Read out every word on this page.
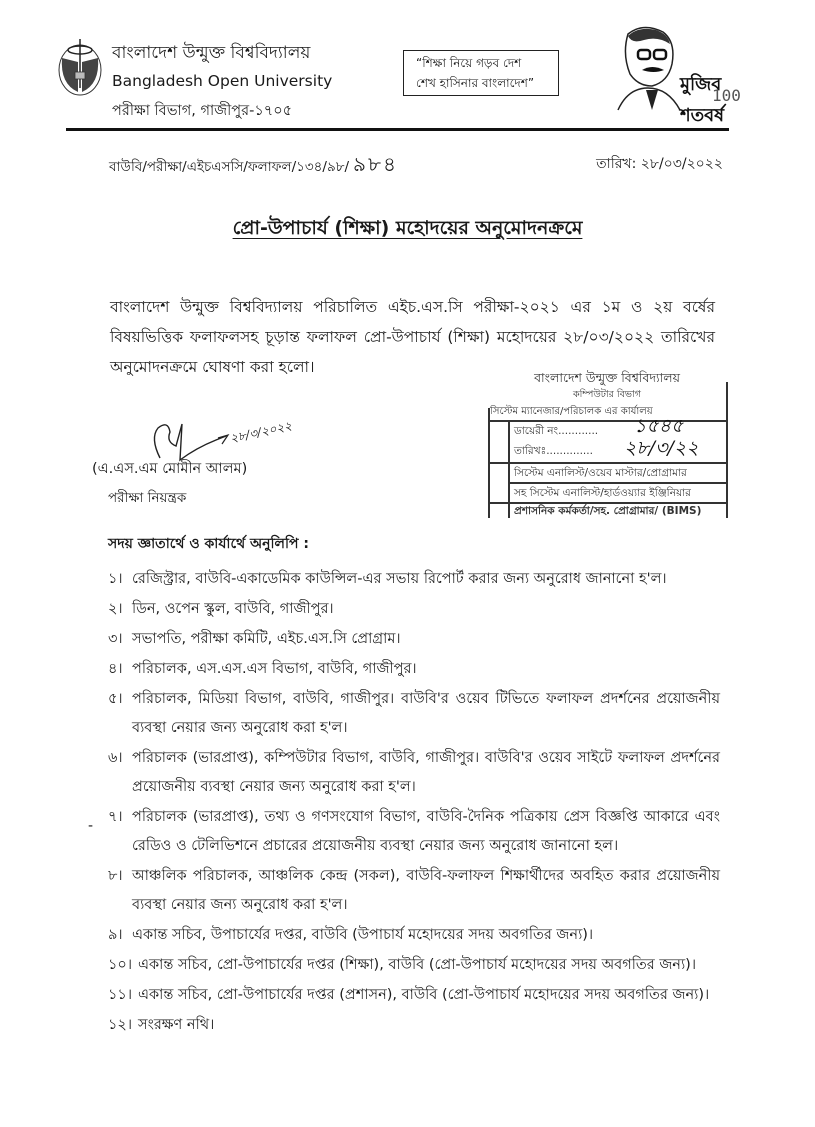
বাংলাদেশ উন্মুক্ত বিশ্ববিদ্যালয়
Bangladesh Open University
পরীক্ষা বিভাগ, গাজীপুর-১৭০৫
“শিক্ষা নিয়ে গড়ব দেশ
শেখ হাসিনার বাংলাদেশ”	মুজিব শতবর্ষ
100
বাউবি/পরীক্ষা/এইচএসসি/ফলাফল/১৩৪/৯৮/ ৯৮৪	তারিখ: ২৮/০৩/২০২২
প্রো-উপাচার্য (শিক্ষা) মহোদয়ের অনুমোদনক্রমে
বাংলাদেশ উন্মুক্ত বিশ্ববিদ্যালয় পরিচালিত এইচ.এস.সি পরীক্ষা-২০২১ এর ১ম ও ২য় বর্ষের বিষয়ভিত্তিক ফলাফলসহ চূড়ান্ত ফলাফল প্রো-উপাচার্য (শিক্ষা) মহোদয়ের ২৮/০৩/২০২২ তারিখের অনুমোদনক্রমে ঘোষণা করা হলো।
বাংলাদেশ উন্মুক্ত বিশ্ববিদ্যালয়
কম্পিউটার বিভাগ
সিস্টেম ম্যানেজার/পরিচালক এর কার্যালয়
ডায়েরী নং............	১৫৪৫
তারিখঃ..............	২৮/৩/২২
সিস্টেম এনালিস্ট/ওয়েব মাস্টার/প্রোগ্রামার
সহ সিস্টেম এনালিস্ট/হার্ডওয়্যার ইঞ্জিনিয়ার
প্রশাসনিক কর্মকর্তা/সহ. প্রোগ্রামার/ (BIMS)
২৮/৩/২০২২
(এ.এস.এম মোমীন আলম)
পরীক্ষা নিয়ন্ত্রক
সদয় জ্ঞাতার্থে ও কার্যার্থে অনুলিপি :
-
১। রেজিস্ট্রার, বাউবি-একাডেমিক কাউন্সিল-এর সভায় রিপোর্ট করার জন্য অনুরোধ জানানো হ'ল।
২। ডিন, ওপেন স্কুল, বাউবি, গাজীপুর।
৩। সভাপতি, পরীক্ষা কমিটি, এইচ.এস.সি প্রোগ্রাম।
৪। পরিচালক, এস.এস.এস বিভাগ, বাউবি, গাজীপুর।
৫। পরিচালক, মিডিয়া বিভাগ, বাউবি, গাজীপুর। বাউবি'র ওয়েব টিভিতে ফলাফল প্রদর্শনের প্রয়োজনীয় ব্যবস্থা নেয়ার জন্য অনুরোধ করা হ'ল।
৬। পরিচালক (ভারপ্রাপ্ত), কম্পিউটার বিভাগ, বাউবি, গাজীপুর। বাউবি'র ওয়েব সাইটে ফলাফল প্রদর্শনের প্রয়োজনীয় ব্যবস্থা নেয়ার জন্য অনুরোধ করা হ'ল।
৭। পরিচালক (ভারপ্রাপ্ত), তথ্য ও গণসংযোগ বিভাগ, বাউবি-দৈনিক পত্রিকায় প্রেস বিজ্ঞপ্তি আকারে এবং রেডিও ও টেলিভিশনে প্রচারের প্রয়োজনীয় ব্যবস্থা নেয়ার জন্য অনুরোধ জানানো হল।
৮। আঞ্চলিক পরিচালক, আঞ্চলিক কেন্দ্র (সকল), বাউবি-ফলাফল শিক্ষার্থীদের অবহিত করার প্রয়োজনীয় ব্যবস্থা নেয়ার জন্য অনুরোধ করা হ'ল।
৯। একান্ত সচিব, উপাচার্যের দপ্তর, বাউবি (উপাচার্য মহোদয়ের সদয় অবগতির জন্য)।
১০। একান্ত সচিব, প্রো-উপাচার্যের দপ্তর (শিক্ষা), বাউবি (প্রো-উপাচার্য মহোদয়ের সদয় অবগতির জন্য)।
১১। একান্ত সচিব, প্রো-উপাচার্যের দপ্তর (প্রশাসন), বাউবি (প্রো-উপাচার্য মহোদয়ের সদয় অবগতির জন্য)।
১২। সংরক্ষণ নথি।
